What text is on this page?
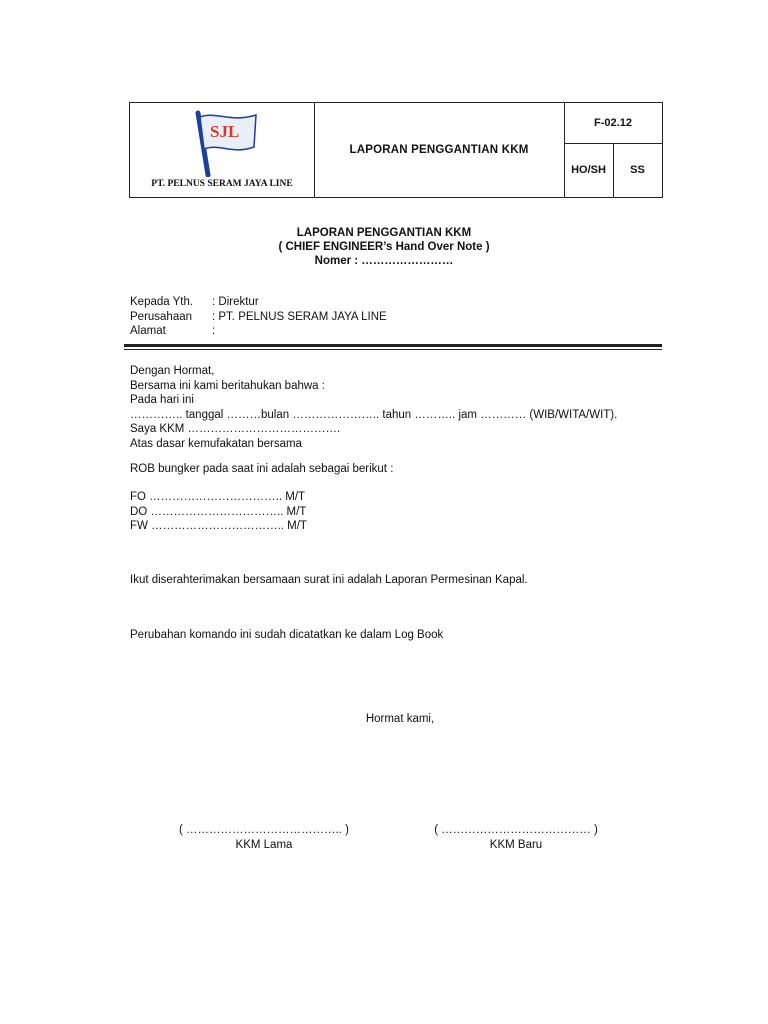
SJL
PT. PELNUS SERAM JAYA LINE
LAPORAN PENGGANTIAN KKM
F-02.12
HO/SH	SS
LAPORAN PENGGANTIAN KKM
( CHIEF ENGINEER’s Hand Over Note )
Nomer : ……………………
Kepada Yth.	: Direktur
Perusahaan	: PT. PELNUS SERAM JAYA LINE
Alamat	:
Dengan Hormat,
Bersama ini kami beritahukan bahwa :
Pada hari ini
………….. tanggal ………bulan ………………….. tahun ……….. jam ………… (WIB/WITA/WIT).
Saya KKM ………………………………….
Atas dasar kemufakatan bersama
ROB bungker pada saat ini adalah sebagai berikut :
FO …………………………….. M/T
DO …………………………….. M/T
FW …………………………….. M/T
Ikut diserahterimakan bersamaan surat ini adalah Laporan Permesinan Kapal.
Perubahan komando ini sudah dicatatkan ke dalam Log Book
Hormat kami,
( ………………………………….. )
KKM Lama
( ………………………………… )
KKM Baru
